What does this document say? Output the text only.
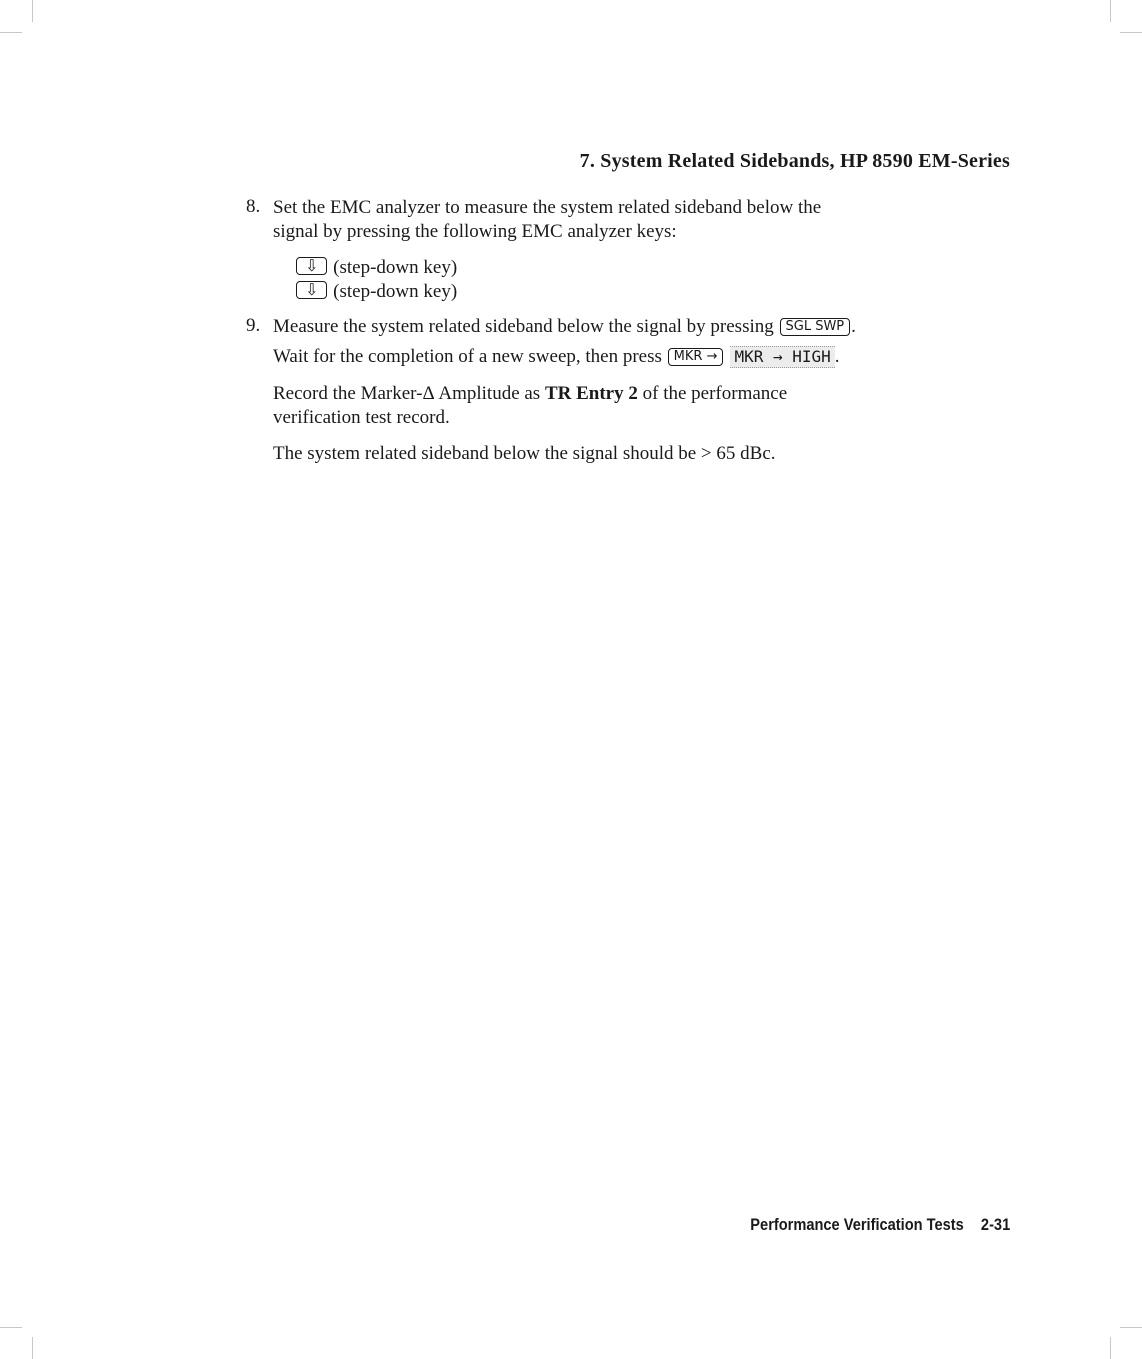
7. System Related Sidebands, HP 8590 EM-Series
8. Set the EMC analyzer to measure the system related sideband below the
signal by pressing the following EMC analyzer keys:
⇩ (step-down key)
⇩ (step-down key)
9. Measure the system related sideband below the signal by pressing SGL SWP .
Wait for the completion of a new sweep, then press MKR → MKR → HIGH .
Record the Marker-Δ Amplitude as TR Entry 2 of the performance
verification test record.
The system related sideband below the signal should be > 65 dBc.
Performance Verification Tests 2-31
